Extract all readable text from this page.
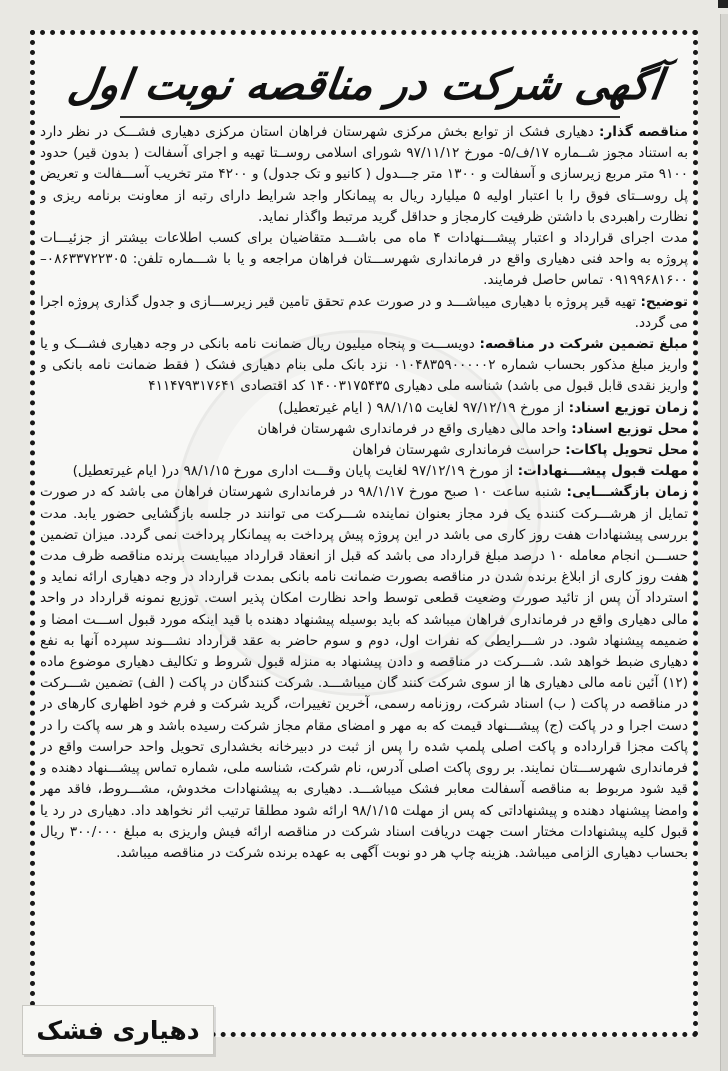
آگهی شرکت در مناقصه نوبت اول

مناقصه گذار: دهیاری فشک از توابع بخش مرکزی شهرستان فراهان استان مرکزی دهیاری فشـــک در نظر دارد به استناد مجوز شــماره ۱۷/ف/۵- مورخ ۹۷/۱۱/۱۲ شورای اسلامی روســتا تهیه و اجرای آسفالت ( بدون قیر) حدود ۹۱۰۰ متر مربع زیرسازی و آسفالت و ۱۳۰۰ متر جـــدول ( کانیو و تک جدول) و ۴۲۰۰ متر تخریب آســـفالت و تعریض پل روســتای فوق را با اعتبار اولیه ۵ میلیارد ریال به پیمانکار واجد شرایط دارای رتبه از معاونت برنامه ریزی و نظارت راهبردی با داشتن ظرفیت کارمجاز و حداقل گرید مرتبط واگذار نماید.

مدت اجرای قرارداد و اعتبار پیشـــنهادات ۴ ماه می باشـــد متقاضیان برای کسب اطلاعات بیشتر از جزئیـــات پروژه به واحد فنی دهیاری واقع در فرمانداری شهرســـتان فراهان مراجعه و یا با شـــماره تلفن: ۰۸۶۳۳۷۲۲۳۰۵– ۰۹۱۹۹۶۸۱۶۰۰ تماس حاصل فرمایند.

توضیح: تهیه قیر پروژه با دهیاری میباشـــد و در صورت عدم تحقق تامین قیر زیرســـازی و جدول گذاری پروژه اجرا می گردد.

مبلغ تضمین شرکت در مناقصه: دویســـت و پنجاه میلیون ریال ضمانت نامه بانکی در وجه دهیاری فشـــک و یا واریز مبلغ مذکور بحساب شماره ۰۱۰۴۸۳۵۹۰۰۰۰۰۲ نزد بانک ملی بنام دهیاری فشک ( فقط ضمانت نامه بانکی و واریز نقدی قابل قبول می باشد) شناسه ملی دهیاری ۱۴۰۰۳۱۷۵۴۳۵ کد اقتصادی ۴۱۱۴۷۹۳۱۷۶۴۱

زمان توزیع اسناد: از مورخ ۹۷/۱۲/۱۹ لغایت ۹۸/۱/۱۵ ( ایام غیرتعطیل)

محل توزیع اسناد: واحد مالی دهیاری واقع در فرمانداری شهرستان فراهان

محل تحویل پاکات: حراست فرمانداری شهرستان فراهان

مهلت قبول پیشـــنهادات: از مورخ ۹۷/۱۲/۱۹ لغایت پایان وقـــت اداری مورخ ۹۸/۱/۱۵ در( ایام غیرتعطیل)

زمان بازگشـــایی: شنبه ساعت ۱۰ صبح مورخ ۹۸/۱/۱۷ در فرمانداری شهرستان فراهان می باشد که در صورت تمایل از هرشـــرکت کننده یک فرد مجاز بعنوان نماینده شـــرکت می توانند در جلسه بازگشایی حضور یابد. مدت بررسی پیشنهادات هفت روز کاری می باشد در این پروژه پیش پرداخت به پیمانکار پرداخت نمی گردد. میزان تضمین حســـن انجام معامله ۱۰ درصد مبلغ قرارداد می باشد که قبل از انعقاد قرارداد میبایست برنده مناقصه ظرف مدت هفت روز کاری از ابلاغ برنده شدن در مناقصه بصورت ضمانت نامه بانکی بمدت قرارداد در وجه دهیاری ارائه نماید و استرداد آن پس از تائید صورت وضعیت قطعی توسط واحد نظارت امکان پذیر است. توزیع نمونه قرارداد در واحد مالی دهیاری واقع در فرمانداری فراهان میباشد که باید بوسیله پیشنهاد دهنده با قید اینکه مورد قبول اســـت امضا و ضمیمه پیشنهاد شود. در شـــرایطی که نفرات اول، دوم و سوم حاضر به عقد قرارداد نشـــوند سپرده آنها به نفع دهیاری ضبط خواهد شد. شـــرکت در مناقصه و دادن پیشنهاد به منزله قبول شروط و تکالیف دهیاری موضوع ماده (۱۲) آئین نامه مالی دهیاری ها از سوی شرکت کنند گان میباشـــد. شرکت کنندگان در پاکت ( الف) تضمین شـــرکت در مناقصه در پاکت ( ب) اسناد شرکت، روزنامه رسمی، آخرین تغییرات، گرید شرکت و فرم خود اظهاری کارهای در دست اجرا و در پاکت (ج) پیشـــنهاد قیمت که به مهر و امضای مقام مجاز شرکت رسیده باشد و هر سه پاکت را در پاکت مجزا قرارداده و پاکت اصلی پلمپ شده را پس از ثبت در دبیرخانه بخشداری تحویل واحد حراست واقع در فرمانداری شهرســـتان نمایند. بر روی پاکت اصلی آدرس، نام شرکت، شناسه ملی، شماره تماس پیشـــنهاد دهنده و قید شود مربوط به مناقصه آسفالت معابر فشک میباشـــد. دهیاری به پیشنهادات مخدوش، مشـــروط، فاقد مهر وامضا پیشنهاد دهنده و پیشنهاداتی که پس از مهلت ۹۸/۱/۱۵ ارائه شود مطلقا ترتیب اثر نخواهد داد. دهیاری در رد یا قبول کلیه پیشنهادات مختار است جهت دریافت اسناد شرکت در مناقصه ارائه فیش واریزی به مبلغ ۳۰۰/۰۰۰ ریال بحساب دهیاری الزامی میباشد. هزینه چاپ هر دو نوبت آگهی به عهده برنده شرکت در مناقصه میباشد.

دهیاری فشک
